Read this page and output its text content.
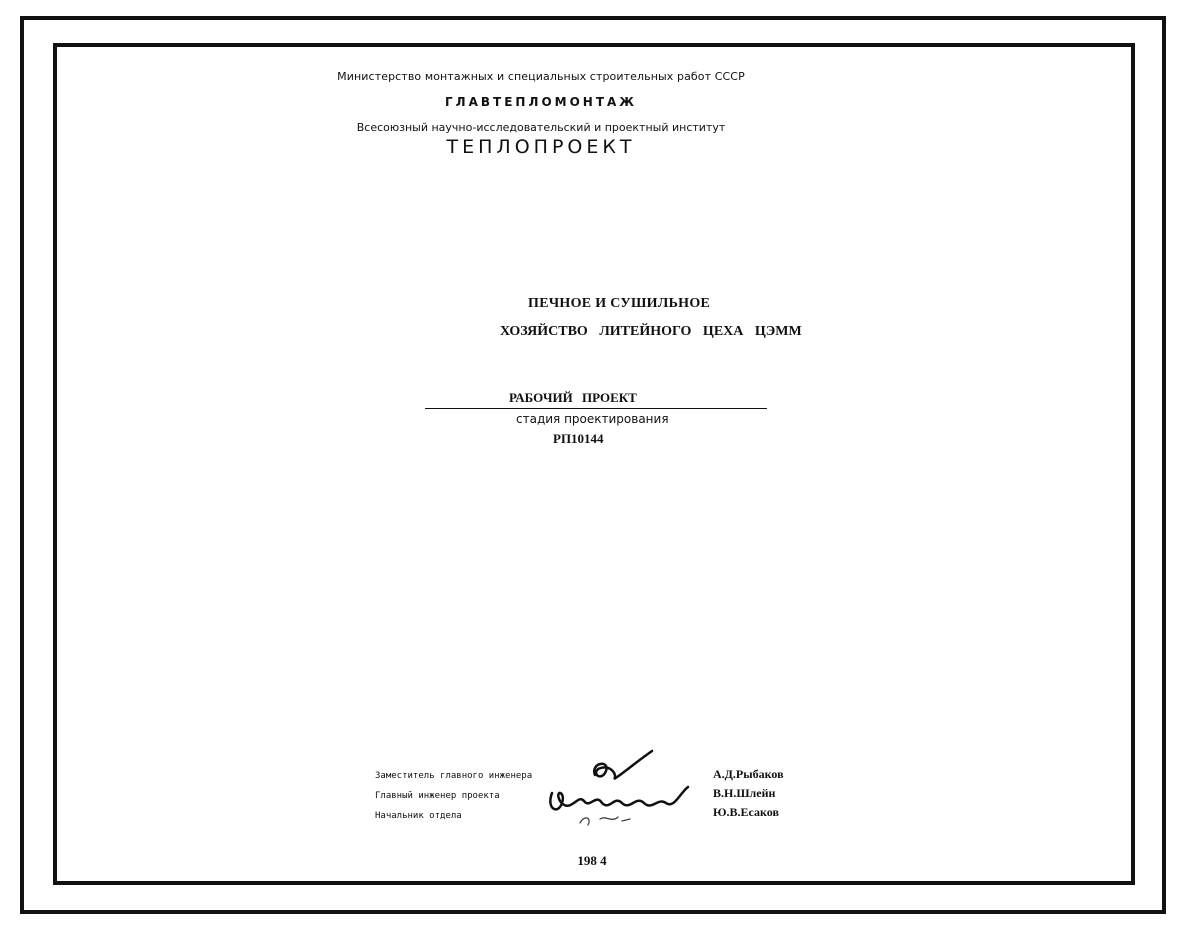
Министерство монтажных и специальных строительных работ СССР
ГЛАВТЕПЛОМОНТАЖ
Всесоюзный научно-исследовательский и проектный институт
ТЕПЛОПРОЕКТ
ПЕЧНОЕ И СУШИЛЬНОЕ
ХОЗЯЙСТВО ЛИТЕЙНОГО ЦЕХА ЦЭММ
РАБОЧИЙ ПРОЕКТ
стадия проектирования
РП10144
Заместитель главного инженера
Главный инженер проекта
Начальник отдела
А.Д.Рыбаков
В.Н.Шлейн
Ю.В.Есаков
198 4
